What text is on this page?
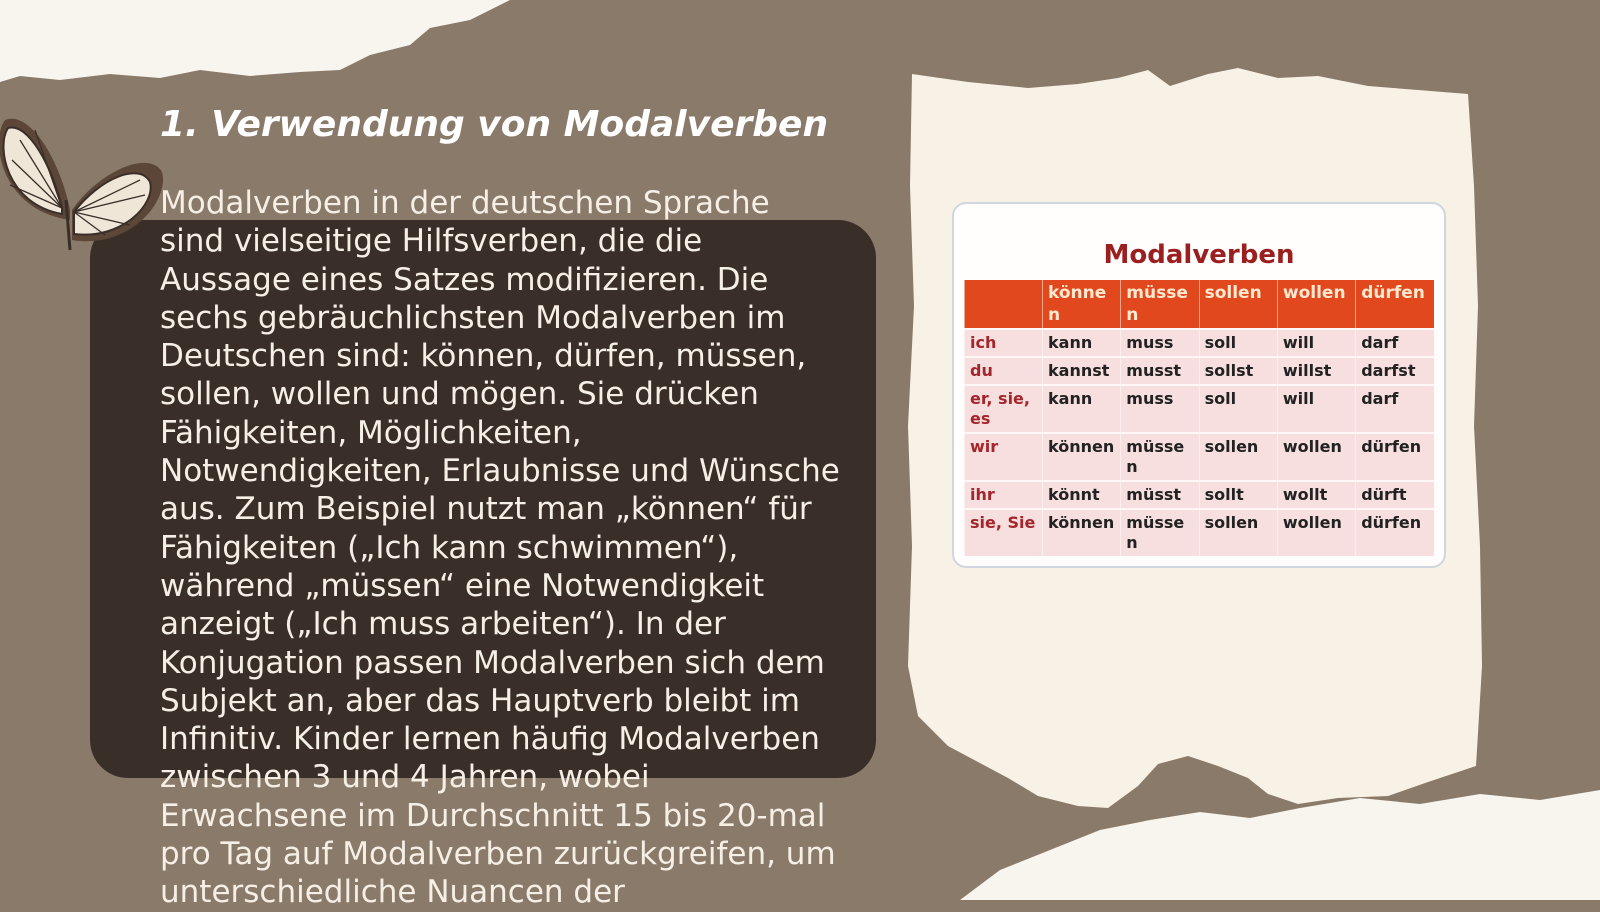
1. Verwendung von Modalverben

Modalverben in der deutschen Sprache sind vielseitige Hilfsverben, die die Aussage eines Satzes modifizieren. Die sechs gebräuchlichsten Modalverben im Deutschen sind: können, dürfen, müssen, sollen, wollen und mögen. Sie drücken Fähigkeiten, Möglichkeiten, Notwendigkeiten, Erlaubnisse und Wünsche aus. Zum Beispiel nutzt man „können“ für Fähigkeiten („Ich kann schwimmen“), während „müssen“ eine Notwendigkeit anzeigt („Ich muss arbeiten“). In der Konjugation passen Modalverben sich dem Subjekt an, aber das Hauptverb bleibt im Infinitiv. Kinder lernen häufig Modalverben zwischen 3 und 4 Jahren, wobei Erwachsene im Durchschnitt 15 bis 20-mal pro Tag auf Modalverben zurückgreifen, um unterschiedliche Nuancen der

Modalverben
	können	müssen	sollen	wollen	dürfen
ich	kann	muss	soll	will	darf
du	kannst	musst	sollst	willst	darfst
er, sie, es	kann	muss	soll	will	darf
wir	können	müssen	sollen	wollen	dürfen
ihr	könnt	müsst	sollt	wollt	dürft
sie, Sie	können	müssen	sollen	wollen	dürfen
